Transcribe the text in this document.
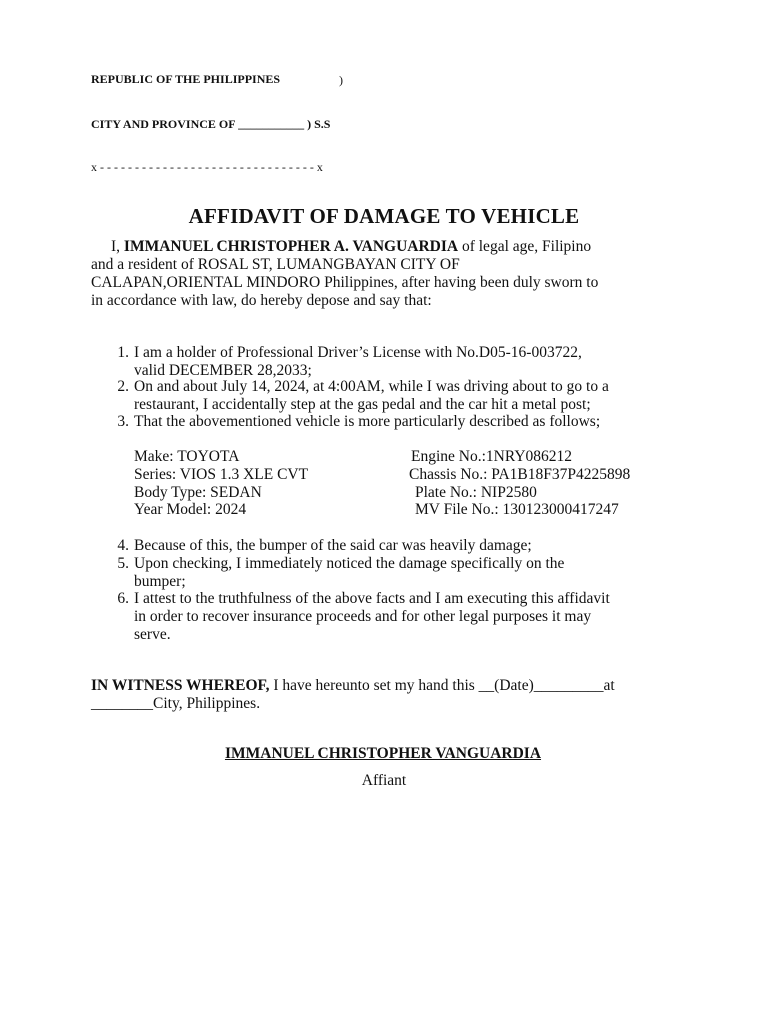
REPUBLIC OF THE PHILIPPINES	)
CITY AND PROVINCE OF ___________ ) S.S
x - - - - - - - - - - - - - - - - - - - - - - - - - - - - - - - x
AFFIDAVIT OF DAMAGE TO VEHICLE
I, IMMANUEL CHRISTOPHER A. VANGUARDIA of legal age, Filipino
and a resident of ROSAL ST, LUMANGBAYAN CITY OF
CALAPAN,ORIENTAL MINDORO Philippines, after having been duly sworn to
in accordance with law, do hereby depose and say that:
1. I am a holder of Professional Driver’s License with No.D05-16-003722,
valid DECEMBER 28,2033;
2. On and about July 14, 2024, at 4:00AM, while I was driving about to go to a
restaurant, I accidentally step at the gas pedal and the car hit a metal post;
3. That the abovementioned vehicle is more particularly described as follows;
Make: TOYOTA
Series: VIOS 1.3 XLE CVT
Body Type: SEDAN
Year Model: 2024
Engine No.:1NRY086212
Chassis No.: PA1B18F37P4225898
Plate No.: NIP2580
MV File No.: 130123000417247
4. Because of this, the bumper of the said car was heavily damage;
5. Upon checking, I immediately noticed the damage specifically on the
bumper;
6. I attest to the truthfulness of the above facts and I am executing this affidavit
in order to recover insurance proceeds and for other legal purposes it may
serve.
IN WITNESS WHEREOF, I have hereunto set my hand this __(Date)_________at
________City, Philippines.
IMMANUEL CHRISTOPHER VANGUARDIA
Affiant
